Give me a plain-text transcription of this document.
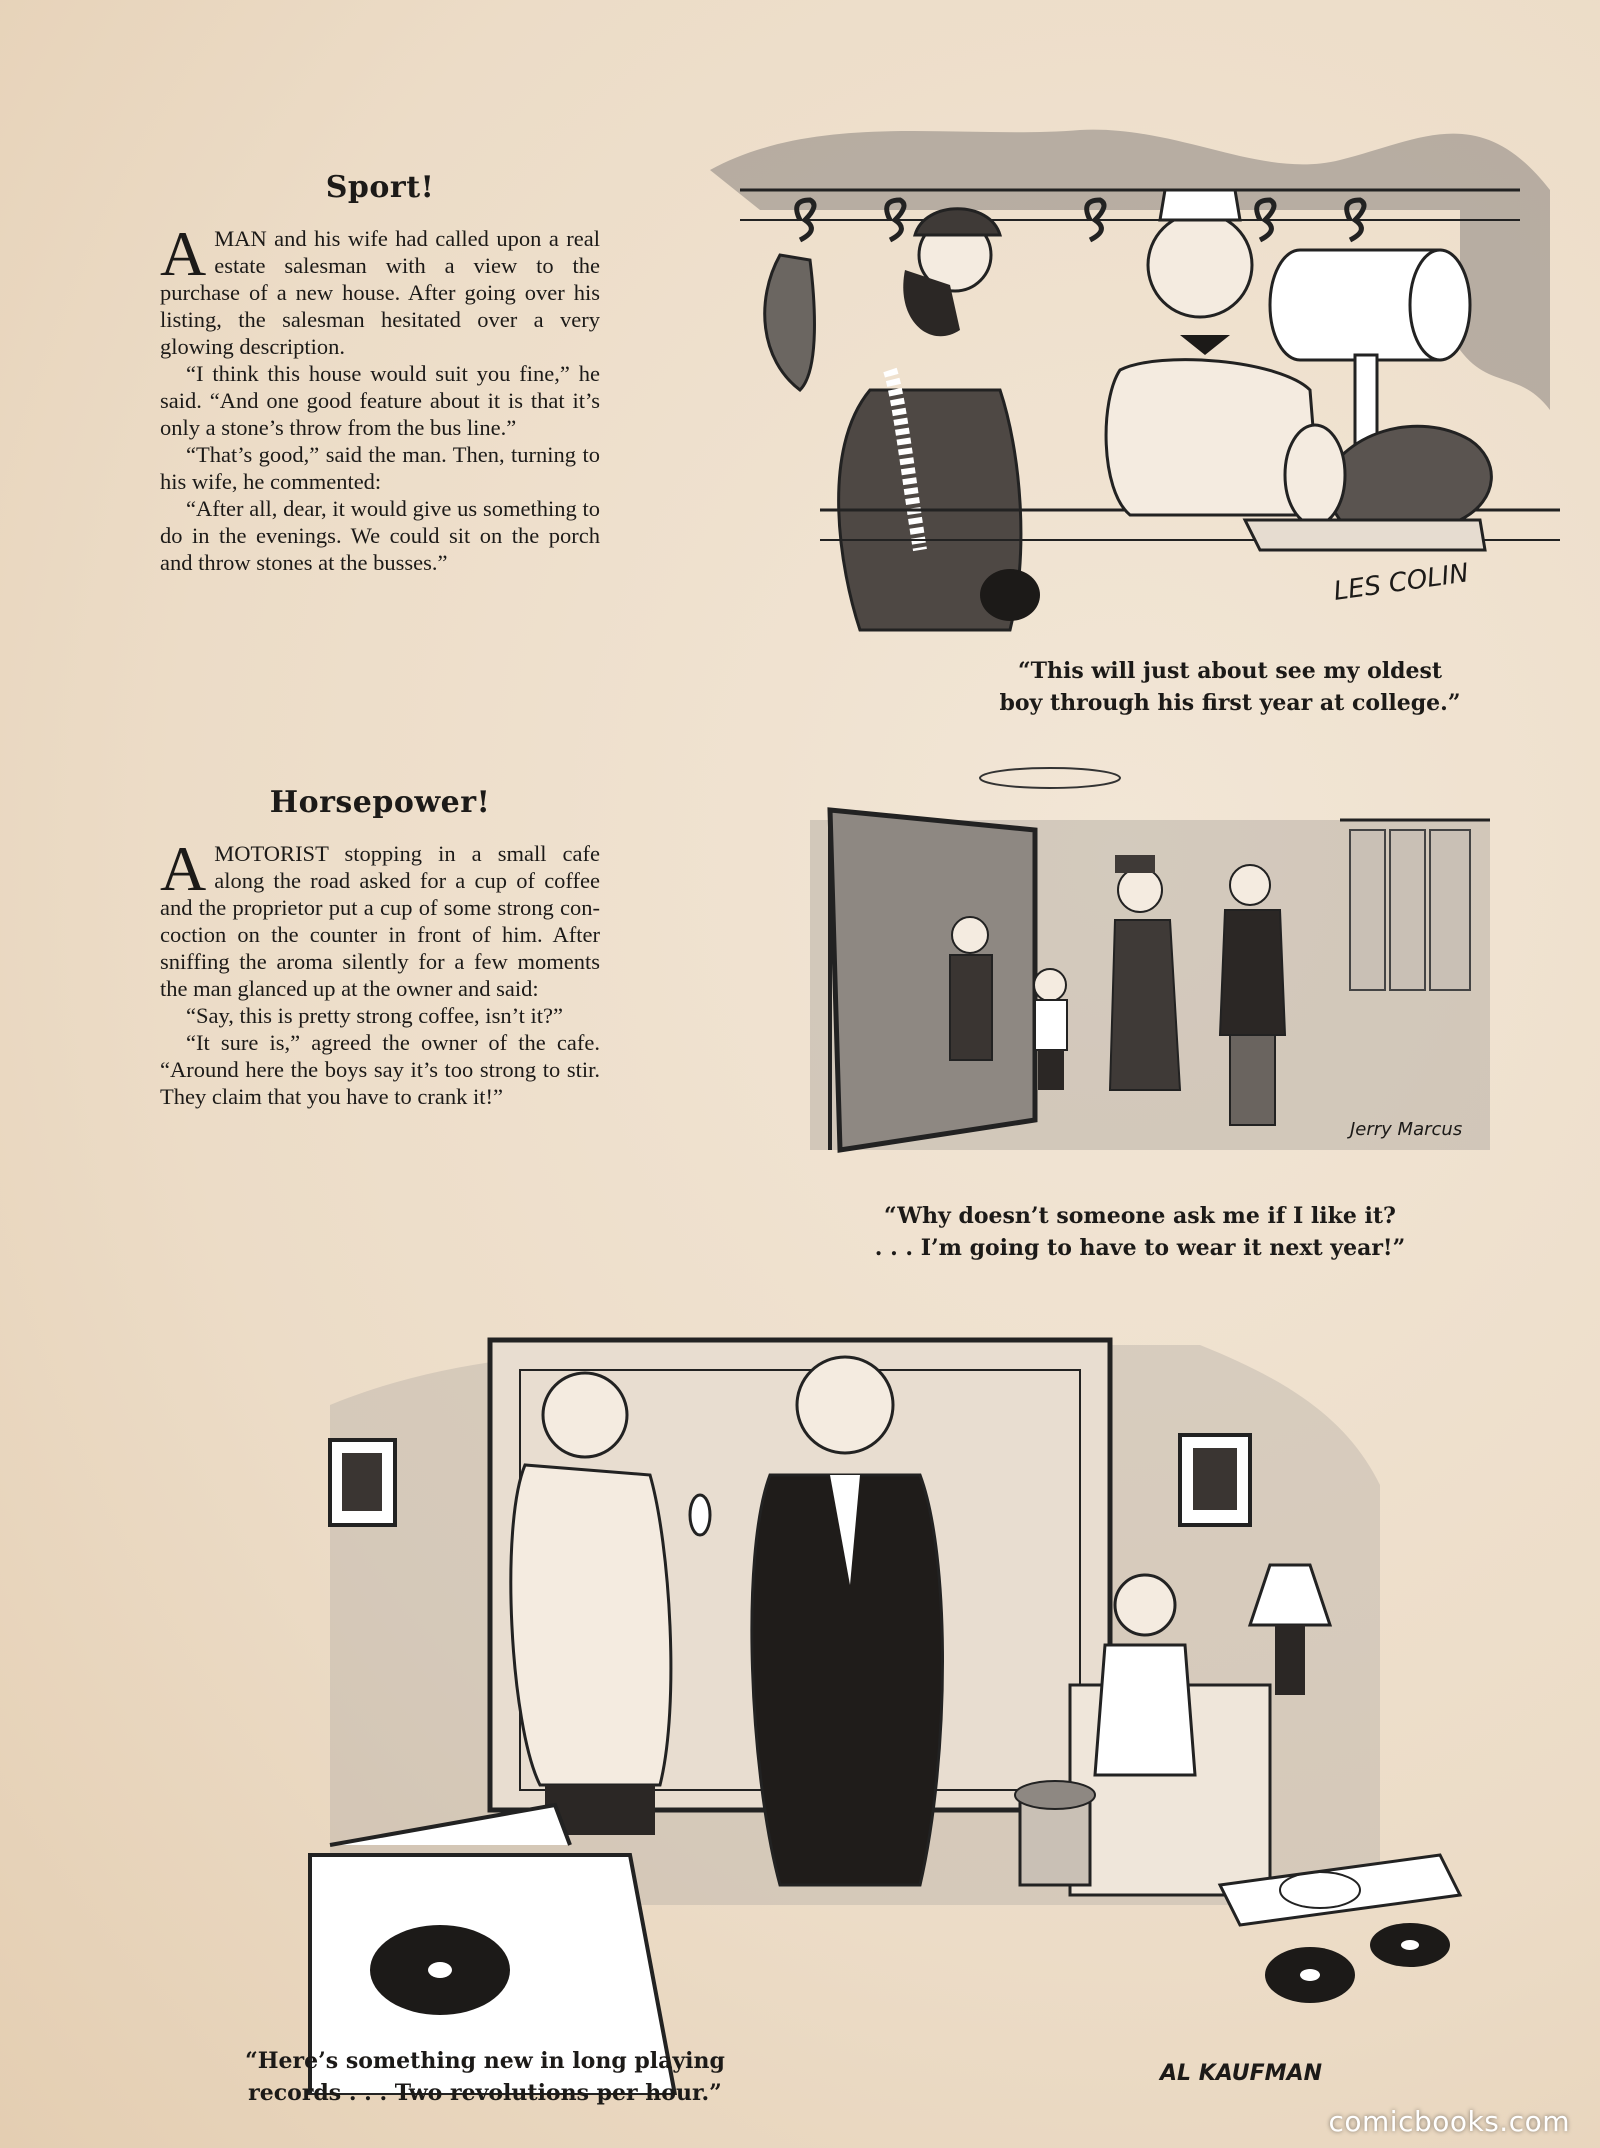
Sport!

AMAN and his wife had called upon a real estate salesman with a view to the purchase of a new house. After going over his listing, the salesman hesitated over a very glowing description.

“I think this house would suit you fine,” he said. “And one good feature about it is that it’s only a stone’s throw from the bus line.”

“That’s good,” said the man. Then, turning to his wife, he commented:

“After all, dear, it would give us something to do in the evenings. We could sit on the porch and throw stones at the busses.”

Horsepower!

AMOTORIST stopping in a small cafe along the road asked for a cup of coffee and the proprietor put a cup of some strong concoction on the counter in front of him. After sniffing the aroma silently for a few moments the man glanced up at the owner and said:

“Say, this is pretty strong coffee, isn’t it?”

“It sure is,” agreed the owner of the cafe. “Around here the boys say it’s too strong to stir. They claim that you have to crank it!”

LES COLIN
“This will just about see my oldest
boy through his first year at college.”
Jerry Marcus
“Why doesn’t someone ask me if I like it?
. . . I’m going to have to wear it next year!”
AL KAUFMAN
“Here’s something new in long playing
records . . . Two revolutions per hour.”
comicbooks.com
